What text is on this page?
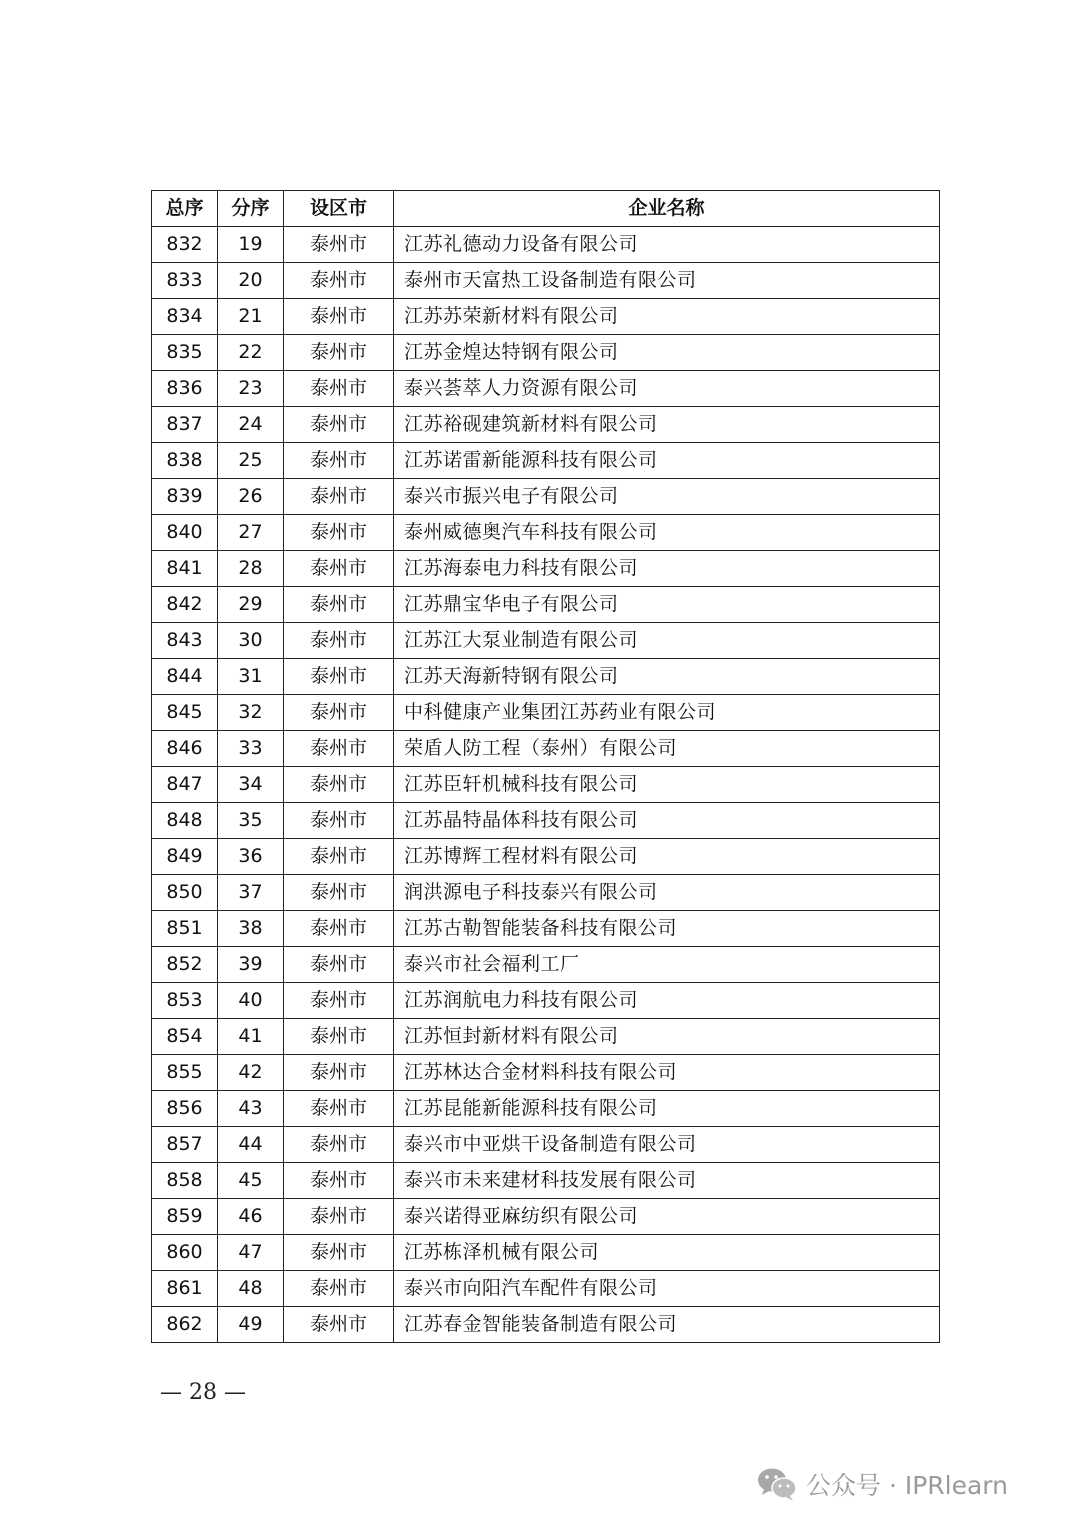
总序	分序	设区市	企业名称
832	19	泰州市	江苏礼德动力设备有限公司
833	20	泰州市	泰州市天富热工设备制造有限公司
834	21	泰州市	江苏苏荣新材料有限公司
835	22	泰州市	江苏金煌达特钢有限公司
836	23	泰州市	泰兴荟萃人力资源有限公司
837	24	泰州市	江苏裕砚建筑新材料有限公司
838	25	泰州市	江苏诺雷新能源科技有限公司
839	26	泰州市	泰兴市振兴电子有限公司
840	27	泰州市	泰州威德奥汽车科技有限公司
841	28	泰州市	江苏海泰电力科技有限公司
842	29	泰州市	江苏鼎宝华电子有限公司
843	30	泰州市	江苏江大泵业制造有限公司
844	31	泰州市	江苏天海新特钢有限公司
845	32	泰州市	中科健康产业集团江苏药业有限公司
846	33	泰州市	荣盾人防工程（泰州）有限公司
847	34	泰州市	江苏臣轩机械科技有限公司
848	35	泰州市	江苏晶特晶体科技有限公司
849	36	泰州市	江苏博辉工程材料有限公司
850	37	泰州市	润洪源电子科技泰兴有限公司
851	38	泰州市	江苏古勒智能装备科技有限公司
852	39	泰州市	泰兴市社会福利工厂
853	40	泰州市	江苏润航电力科技有限公司
854	41	泰州市	江苏恒封新材料有限公司
855	42	泰州市	江苏林达合金材料科技有限公司
856	43	泰州市	江苏昆能新能源科技有限公司
857	44	泰州市	泰兴市中亚烘干设备制造有限公司
858	45	泰州市	泰兴市未来建材科技发展有限公司
859	46	泰州市	泰兴诺得亚麻纺织有限公司
860	47	泰州市	江苏栋泽机械有限公司
861	48	泰州市	泰兴市向阳汽车配件有限公司
862	49	泰州市	江苏春金智能装备制造有限公司
— 28 —
公众号 · IPRlearn
